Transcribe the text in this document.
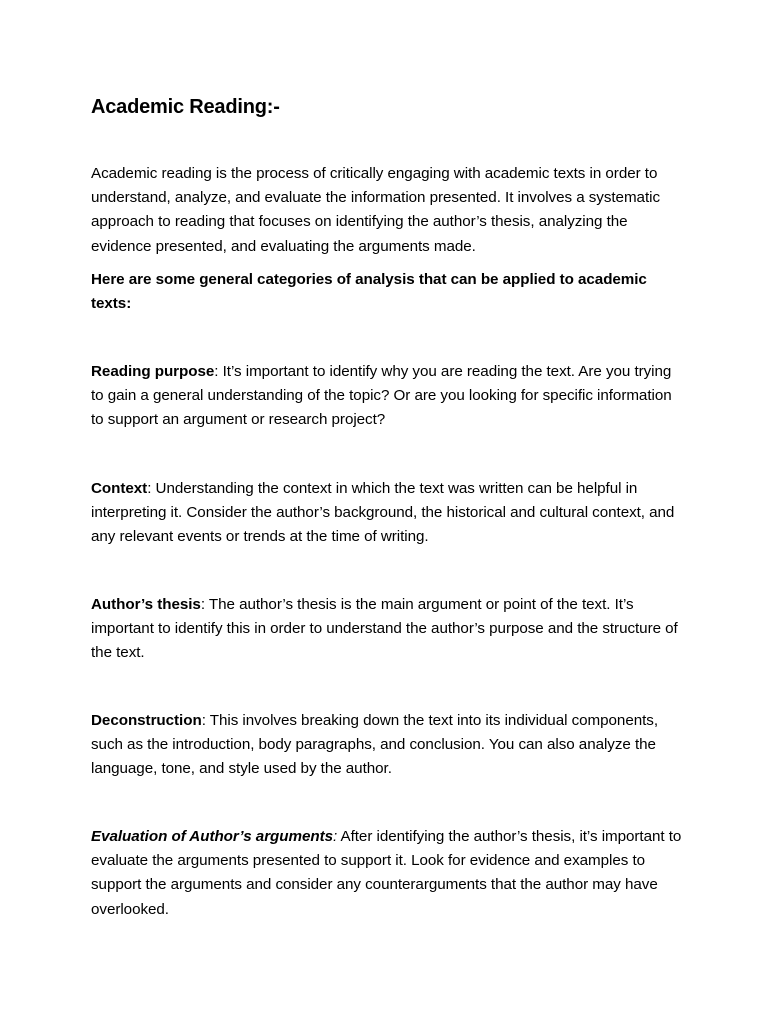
Academic Reading:-

Academic reading is the process of critically engaging with academic texts in order to understand, analyze, and evaluate the information presented. It involves a systematic approach to reading that focuses on identifying the author’s thesis, analyzing the evidence presented, and evaluating the arguments made.

Here are some general categories of analysis that can be applied to academic texts:

Reading purpose: It’s important to identify why you are reading the text. Are you trying to gain a general understanding of the topic? Or are you looking for specific information to support an argument or research project?

Context: Understanding the context in which the text was written can be helpful in interpreting it. Consider the author’s background, the historical and cultural context, and any relevant events or trends at the time of writing.

Author’s thesis: The author’s thesis is the main argument or point of the text. It’s important to identify this in order to understand the author’s purpose and the structure of the text.

Deconstruction: This involves breaking down the text into its individual components, such as the introduction, body paragraphs, and conclusion. You can also analyze the language, tone, and style used by the author.

Evaluation of Author’s arguments: After identifying the author’s thesis, it’s important to evaluate the arguments presented to support it. Look for evidence and examples to support the arguments and consider any counterarguments that the author may have overlooked.
